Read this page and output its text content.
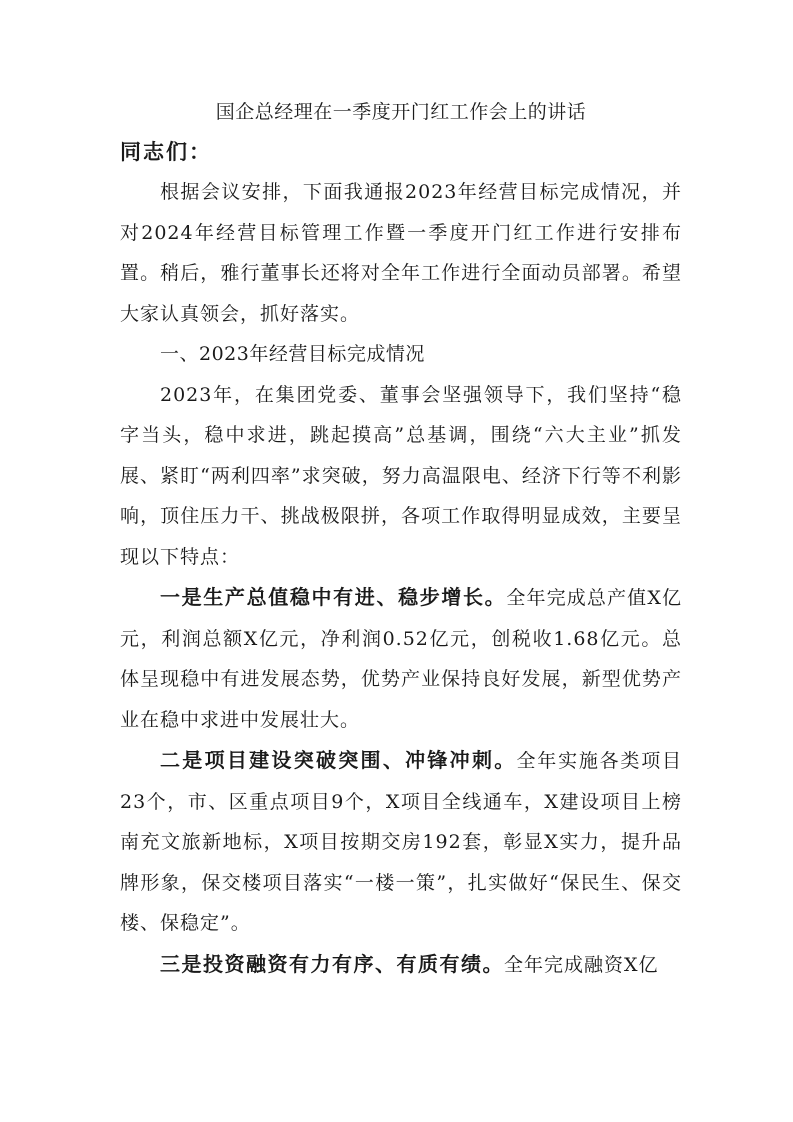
国企总经理在一季度开门红工作会上的讲话

同志们：

根据会议安排，下面我通报2023年经营目标完成情况，并对2024年经营目标管理工作暨一季度开门红工作进行安排布置。稍后，雅行董事长还将对全年工作进行全面动员部署。希望大家认真领会，抓好落实。

一、2023年经营目标完成情况

2023年，在集团党委、董事会坚强领导下，我们坚持“稳字当头，稳中求进，跳起摸高”总基调，围绕“六大主业”抓发展、紧盯“两利四率”求突破，努力高温限电、经济下行等不利影响，顶住压力干、挑战极限拼，各项工作取得明显成效，主要呈现以下特点：

一是生产总值稳中有进、稳步增长。全年完成总产值X亿元，利润总额X亿元，净利润0.52亿元，创税收1.68亿元。总体呈现稳中有进发展态势，优势产业保持良好发展，新型优势产业在稳中求进中发展壮大。

二是项目建设突破突围、冲锋冲刺。全年实施各类项目23个，市、区重点项目9个，X项目全线通车，X建设项目上榜南充文旅新地标，X项目按期交房192套，彰显X实力，提升品牌形象，保交楼项目落实“一楼一策”，扎实做好“保民生、保交楼、保稳定”。

三是投资融资有力有序、有质有绩。全年完成融资X亿
